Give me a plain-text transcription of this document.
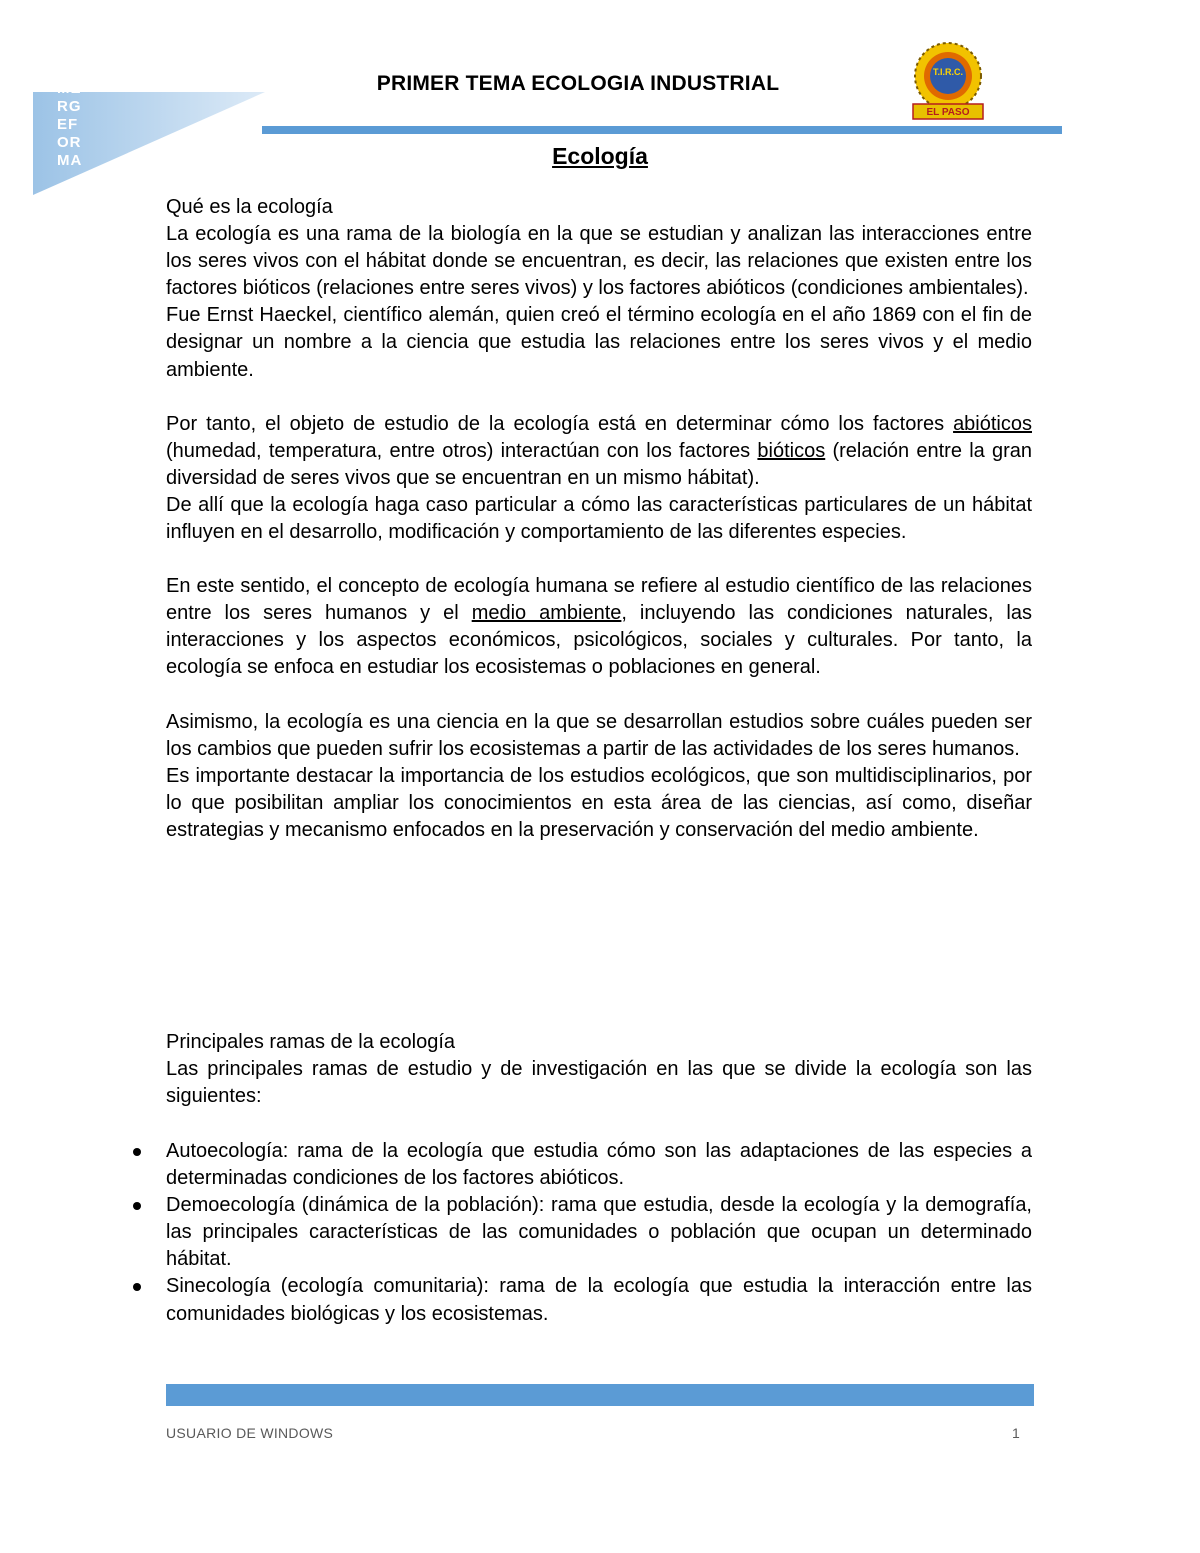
ME
RG
EF
OR
MA
PRIMER TEMA ECOLOGIA INDUSTRIAL	T.I.R.C.
EL PASO
Ecología

Qué es la ecología

La ecología es una rama de la biología en la que se estudian y analizan las interacciones entre los seres vivos con el hábitat donde se encuentran, es decir, las relaciones que existen entre los factores bióticos (relaciones entre seres vivos) y los factores abióticos (condiciones ambientales).

Fue Ernst Haeckel, científico alemán, quien creó el término ecología en el año 1869 con el fin de designar un nombre a la ciencia que estudia las relaciones entre los seres vivos y el medio ambiente.

Por tanto, el objeto de estudio de la ecología está en determinar cómo los factores abióticos (humedad, temperatura, entre otros) interactúan con los factores bióticos (relación entre la gran diversidad de seres vivos que se encuentran en un mismo hábitat).

De allí que la ecología haga caso particular a cómo las características particulares de un hábitat influyen en el desarrollo, modificación y comportamiento de las diferentes especies.

En este sentido, el concepto de ecología humana se refiere al estudio científico de las relaciones entre los seres humanos y el medio ambiente, incluyendo las condiciones naturales, las interacciones y los aspectos económicos, psicológicos, sociales y culturales. Por tanto, la ecología se enfoca en estudiar los ecosistemas o poblaciones en general.

Asimismo, la ecología es una ciencia en la que se desarrollan estudios sobre cuáles pueden ser los cambios que pueden sufrir los ecosistemas a partir de las actividades de los seres humanos.

Es importante destacar la importancia de los estudios ecológicos, que son multidisciplinarios, por lo que posibilitan ampliar los conocimientos en esta área de las ciencias, así como, diseñar estrategias y mecanismo enfocados en la preservación y conservación del medio ambiente.

Principales ramas de la ecología

Las principales ramas de estudio y de investigación en las que se divide la ecología son las siguientes:

Autoecología: rama de la ecología que estudia cómo son las adaptaciones de las especies a determinadas condiciones de los factores abióticos.
Demoecología (dinámica de la población): rama que estudia, desde la ecología y la demografía, las principales características de las comunidades o población que ocupan un determinado hábitat.
Sinecología (ecología comunitaria): rama de la ecología que estudia la interacción entre las comunidades biológicas y los ecosistemas.
USUARIO DE WINDOWS	1
